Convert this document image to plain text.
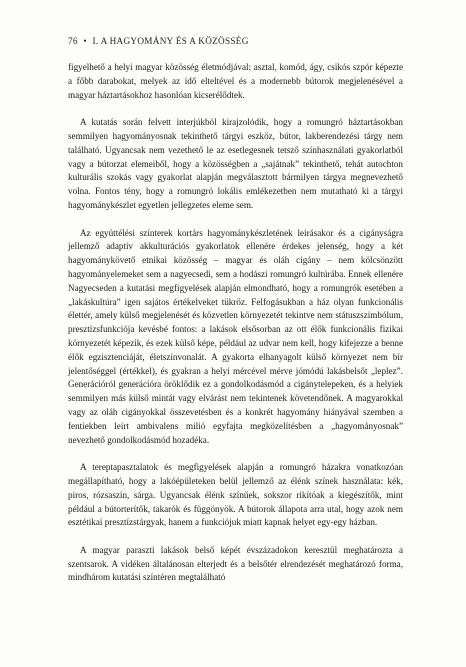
76 • I. A HAGYOMÁNY ÉS A KÖZÖSSÉG

figyelhető a helyi magyar közösség életmódjával: asztal, komód, ágy, csikós szpór képezte a főbb darabokat, melyek az idő elteltével és a modernebb bútorok megjelenésével a magyar háztartásokhoz hasonlóan kicserélődtek.

A kutatás során felvett interjúkból kirajzolódik, hogy a romungró háztartásokban semmilyen hagyományosnak tekinthető tárgyi eszköz, bútor, lakberendezési tárgy nem található. Ugyancsak nem vezethető le az esetlegesnek tetsző színhasználati gyakorlatból vagy a bútorzat elemeiből, hogy a közösségben a „sajátnak” tekinthető, tehát autochton kulturális szokás vagy gyakorlat alapján megválasztott bármilyen tárgya megnevezhető volna. Fontos tény, hogy a romungró lokális emlékezetben nem mutatható ki a tárgyi hagyománykészlet egyetlen jellegzetes eleme sem.

Az együttélési színterek kortárs hagyománykészletének leírásakor és a cigányságra jellemző adaptív akkulturációs gyakorlatok ellenére érdekes jelenség, hogy a két hagyománykövető etnikai közösség – magyar és oláh cigány – nem kölcsönzött hagyományelemeket sem a nagyecsedi, sem a hodászi romungró kultúrába. Ennek ellenére Nagyecseden a kutatási megfigyelések alapján elmondható, hogy a romungrók esetében a „lakáskultúra” igen sajátos értékelveket tükröz. Felfogásukban a ház olyan funkcionális élettér, amely külső megjelenését és közvetlen környezetét tekintve nem státuszszimbólum, presztízsfunkciója kevésbé fontos: a lakások elsősorban az ott élők funkcionális fizikai környezetét képezik, és ezek külső képe, például az udvar nem kell, hogy kifejezze a benne élők egzisztenciáját, életszínvonalát. A gyakorta elhanyagolt külső környezet nem bír jelentőséggel (értékkel), és gyakran a helyi mércével mérve jómódú lakásbelsőt „leplez”. Generációról generációra öröklődik ez a gondolkodásmód a cigánytelepeken, és a helyiek semmilyen más külső mintát vagy elvárást nem tekintenek követendőnek. A magyarokkal vagy az oláh cigányokkal összevetésben és a konkrét hagyomány hiányával szemben a fentiekben leírt ambivalens milió egyfajta megközelítésben a „hagyományosnak” nevezhető gondolkodásmód hozadéka.

A tereptapasztalatok és megfigyelések alapján a romungró házakra vonatkozóan megállapítható, hogy a lakóépületeken belül jellemző az élénk színek használata: kék, piros, rózsaszín, sárga. Ugyancsak élénk színűek, sokszor rikítóak a kiegészítők, mint például a bútorterítők, takarók és függönyök. A bútorok állapota arra utal, hogy azok nem esztétikai presztízstárgyak, hanem a funkciójuk miatt kapnak helyet egy-egy házban.

A magyar paraszti lakások belső képét évszázadokon keresztül meghatározta a szentsarok. A vidéken általánosan elterjedt és a belsőtér elrendezését meghatározó forma, mindhárom kutatási színtéren megtalálható
